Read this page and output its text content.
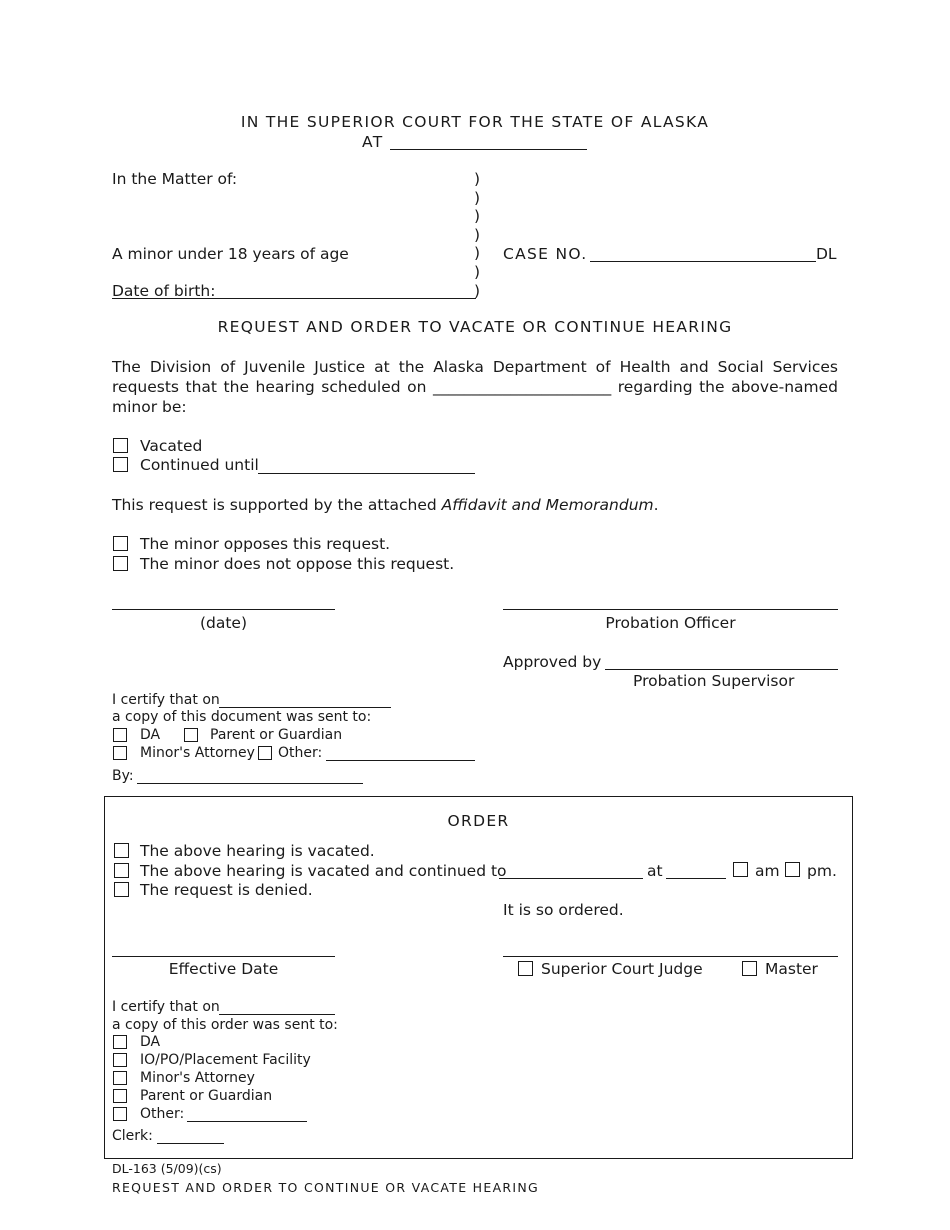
IN THE SUPERIOR COURT FOR THE STATE OF ALASKA
AT
In the Matter of:
A minor under 18 years of age
Date of birth:
)
)
)
)
)
)
)
CASE NO.	DL
REQUEST AND ORDER TO VACATE OR CONTINUE HEARING
The Division of Juvenile Justice at the Alaska Department of Health and Social Services requests that the hearing scheduled on _______________________ regarding the above-named minor be:
Vacated
Continued until
This request is supported by the attached Affidavit and Memorandum.
The minor opposes this request.
The minor does not oppose this request.
(date)	Probation Officer
Approved by
Probation Supervisor
I certify that on
a copy of this document was sent to:
DA	Parent or Guardian
Minor's Attorney Other:
By:
ORDER
The above hearing is vacated.
The above hearing is vacated and continued to	at	am pm.
The request is denied.
It is so ordered.
Effective Date	Superior Court Judge	Master
I certify that on
a copy of this order was sent to:
DA
IO/PO/Placement Facility
Minor's Attorney
Parent or Guardian
Other:
Clerk:
DL-163 (5/09)(cs)
REQUEST AND ORDER TO CONTINUE OR VACATE HEARING
